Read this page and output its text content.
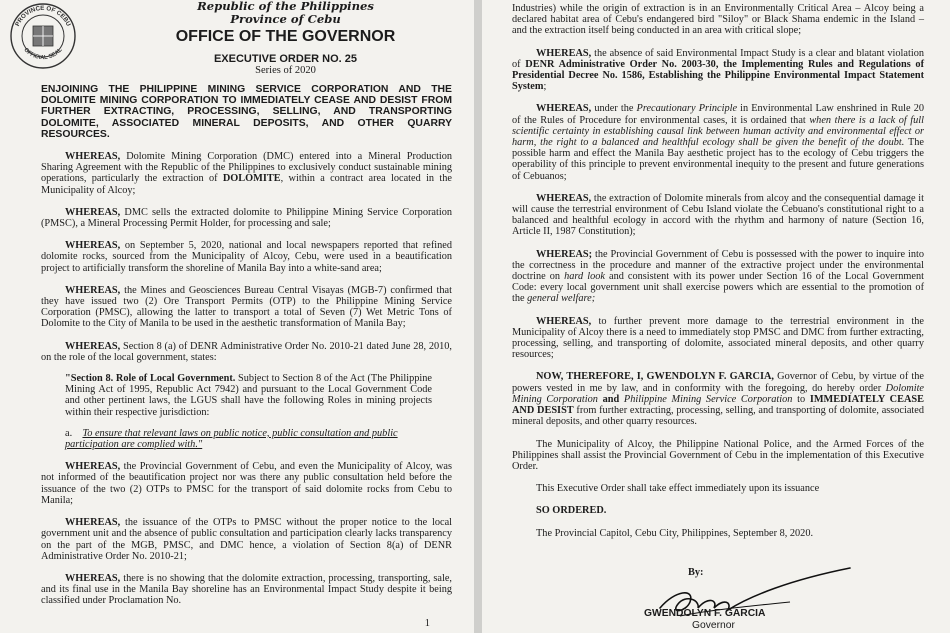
PROVINCE OF CEBU
OFFICIAL SEAL
Republic of the Philippines
Province of Cebu
OFFICE OF THE GOVERNOR
EXECUTIVE ORDER NO. 25
Series of 2020

ENJOINING THE PHILIPPINE MINING SERVICE CORPORATION AND THE DOLOMITE MINING CORPORATION TO IMMEDIATELY CEASE AND DESIST FROM FURTHER EXTRACTING, PROCESSING, SELLING, AND TRANSPORTING DOLOMITE, ASSOCIATED MINERAL DEPOSITS, AND OTHER QUARRY RESOURCES.

WHEREAS, Dolomite Mining Corporation (DMC) entered into a Mineral Production Sharing Agreement with the Republic of the Philippines to exclusively conduct sustainable mining operations, particularly the extraction of DOLOMITE, within a contract area located in the Municipality of Alcoy;

WHEREAS, DMC sells the extracted dolomite to Philippine Mining Service Corporation (PMSC), a Mineral Processing Permit Holder, for processing and sale;

WHEREAS, on September 5, 2020, national and local newspapers reported that refined dolomite rocks, sourced from the Municipality of Alcoy, Cebu, were used in a beautification project to artificially transform the shoreline of Manila Bay into a white-sand area;

WHEREAS, the Mines and Geosciences Bureau Central Visayas (MGB-7) confirmed that they have issued two (2) Ore Transport Permits (OTP) to the Philippine Mining Service Corporation (PMSC), allowing the latter to transport a total of Seven (7) Wet Metric Tons of Dolomite to the City of Manila to be used in the aesthetic transformation of Manila Bay;

WHEREAS, Section 8 (a) of DENR Administrative Order No. 2010-21 dated June 28, 2010, on the role of the local government, states:

"Section 8. Role of Local Government. Subject to Section 8 of the Act (The Philippine Mining Act of 1995, Republic Act 7942) and pursuant to the Local Government Code and other pertinent laws, the LGUS shall have the following Roles in mining projects within their respective jurisdiction:

a. To ensure that relevant laws on public notice, public consultation and public participation are complied with."

WHEREAS, the Provincial Government of Cebu, and even the Municipality of Alcoy, was not informed of the beautification project nor was there any public consultation held before the issuance of the two (2) OTPs to PMSC for the transport of said dolomite rocks from Cebu to Manila;

WHEREAS, the issuance of the OTPs to PMSC without the proper notice to the local government unit and the absence of public consultation and participation clearly lacks transparency on the part of the MGB, PMSC, and DMC hence, a violation of Section 8(a) of DENR Administrative Order No. 2010-21;

WHEREAS, there is no showing that the dolomite extraction, processing, transporting, sale, and its final use in the Manila Bay shoreline has an Environmental Impact Study despite it being classified under Proclamation No.

1

Industries) while the origin of extraction is in an Environmentally Critical Area – Alcoy being a declared habitat area of Cebu's endangered bird "Siloy" or Black Shama endemic in the Island – and the extraction itself being conducted in an area with critical slope;

WHEREAS, the absence of said Environmental Impact Study is a clear and blatant violation of DENR Administrative Order No. 2003-30, the Implementing Rules and Regulations of Presidential Decree No. 1586, Establishing the Philippine Environmental Impact Statement System;

WHEREAS, under the Precautionary Principle in Environmental Law enshrined in Rule 20 of the Rules of Procedure for environmental cases, it is ordained that when there is a lack of full scientific certainty in establishing causal link between human activity and environmental effect or harm, the right to a balanced and healthful ecology shall be given the benefit of the doubt. The possible harm and effect the Manila Bay aesthetic project has to the ecology of Cebu triggers the operability of this principle to prevent environmental inequity to the present and future generations of Cebuanos;

WHEREAS, the extraction of Dolomite minerals from alcoy and the consequential damage it will cause the terrestrial environment of Cebu Island violate the Cebuano's constitutional right to a balanced and healthful ecology in accord with the rhythm and harmony of nature (Section 16, Article II, 1987 Constitution);

WHEREAS; the Provincial Government of Cebu is possessed with the power to inquire into the correctness in the procedure and manner of the extractive project under the environmental doctrine on hard look and consistent with its power under Section 16 of the Local Government Code: every local government unit shall exercise powers which are essential to the promotion of the general welfare;

WHEREAS, to further prevent more damage to the terrestrial environment in the Municipality of Alcoy there is a need to immediately stop PMSC and DMC from further extracting, processing, selling, and transporting of dolomite, associated mineral deposits, and other quarry resources;

NOW, THEREFORE, I, GWENDOLYN F. GARCIA, Governor of Cebu, by virtue of the powers vested in me by law, and in conformity with the foregoing, do hereby order Dolomite Mining Corporation and Philippine Mining Service Corporation to IMMEDIATELY CEASE AND DESIST from further extracting, processing, selling, and transporting of dolomite, associated mineral deposits, and other quarry resources.

The Municipality of Alcoy, the Philippine National Police, and the Armed Forces of the Philippines shall assist the Provincial Government of Cebu in the implementation of this Executive Order.

This Executive Order shall take effect immediately upon its issuance

SO ORDERED.

The Provincial Capitol, Cebu City, Philippines, September 8, 2020.

By:
GWENDOLYN F. GARCIA
Governor
